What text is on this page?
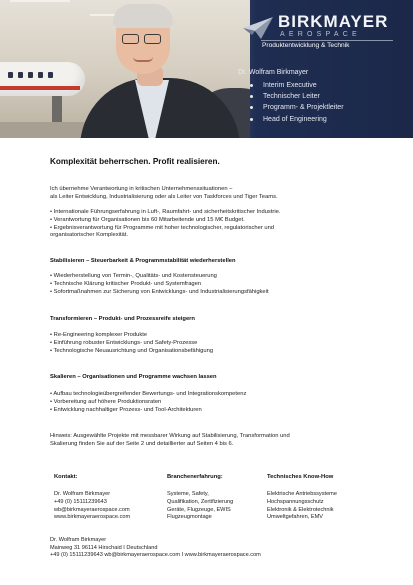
BIRKMAYER
AEROSPACE
Produktentwicklung & Technik
Dr. Wolfram Birkmayer
Interim Executive
Technischer Leiter
Programm- & Projektleiter
Head of Engineering
Komplexität beherrschen. Profit realisieren.
Ich übernehme Verantwortung in kritischen Unternehmenssituationen –
als Leiter Entwicklung, Industrialisierung oder als Leiter von Taskforces und Tiger Teams.
• Internationale Führungserfahrung in Luft-, Raumfahrt- und sicherheitskritischer Industrie.
• Verantwortung für Organisationen bis 60 Mitarbeitende und 15 M€ Budget.
• Ergebnisverantwortung für Programme mit hoher technologischer, regulatorischer und
organisatorischer Komplexität.
Stabilisieren – Steuerbarkeit & Programmstabilität wiederherstellen
• Wiederherstellung von Termin-, Qualitäts- und Kostensteuerung
• Technische Klärung kritischer Produkt- und Systemfragen
• Sofortmaßnahmen zur Sicherung von Entwicklungs- und Industrialisierungsfähigkeit
Transformieren – Produkt- und Prozessreife steigern
• Re-Engineering komplexer Produkte
• Einführung robuster Entwicklungs- und Safety-Prozesse
• Technologische Neuausrichtung und Organisationsbefähigung
Skalieren – Organisationen und Programme wachsen lassen
• Aufbau technologieübergreifender Bewertungs- und Integrationskompetenz
• Vorbereitung auf höhere Produktionsraten
• Entwicklung nachhaltiger Prozess- und Tool-Architekturen
Hinweis: Ausgewählte Projekte mit messbarer Wirkung auf Stabilisierung, Transformation und
Skalierung finden Sie auf der Seite 2 und detaillierter auf Seiten 4 bis 6.
Kontakt:
Dr. Wolfram Birkmayer
+49 (0) 15111239643
wb@birkmayeraerospace.com
www.birkmayeraerospace.com
Branchenerfahrung:
Systeme, Safety,
Qualifikation, Zertifizierung
Geräte, Flugzeuge, EWIS
Flugzeugmontage
Technisches Know-How
Elektrische Antriebssysteme
Hochspannungsschutz
Elektronik & Elektrotechnik
Umweltgefahren, EMV
Dr. Wolfram Birkmayer
Mainweg 31 96114 Hirschaid I Deutschland
+49 (0) 15111239643 wb@birkmayeraerospace.com I www.birkmayeraerospace.com
